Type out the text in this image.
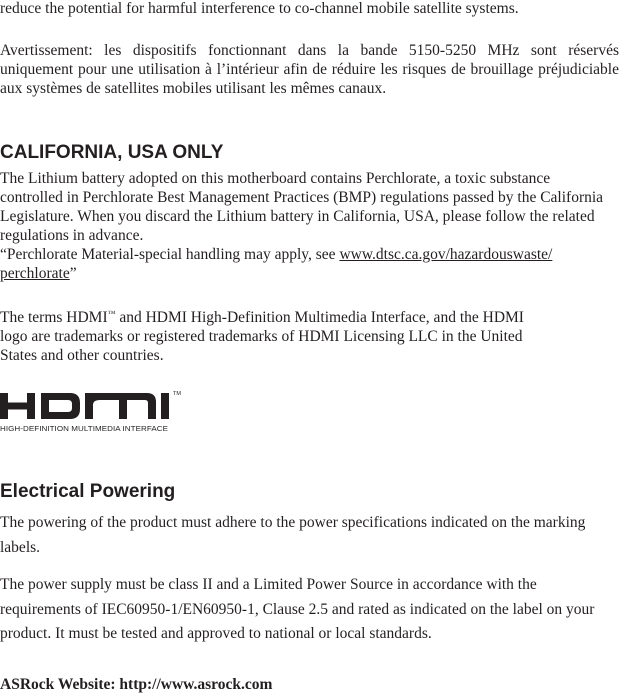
reduce the potential for harmful interference to co-channel mobile satellite systems.

Avertissement: les dispositifs fonctionnant dans la bande 5150-5250 MHz sont réservés uniquement pour une utilisation à l’intérieur afin de réduire les risques de brouillage préjudiciable aux systèmes de satellites mobiles utilisant les mêmes canaux.

CALIFORNIA, USA ONLY

The Lithium battery adopted on this motherboard contains Perchlorate, a toxic substance controlled in Perchlorate Best Management Practices (BMP) regulations passed by the California Legislature. When you discard the Lithium battery in California, USA, please follow the related regulations in advance.

“Perchlorate Material-special handling may apply, see www.dtsc.ca.gov/hazardouswaste/
perchlorate”

The terms HDMI™ and HDMI High-Definition Multimedia Interface, and the HDMI

logo are trademarks or registered trademarks of HDMI Licensing LLC in the United

States and other countries.

TM
HIGH-DEFINITION MULTIMEDIA INTERFACE
Electrical Powering

The powering of the product must adhere to the power specifications indicated on the marking labels.

The power supply must be class II and a Limited Power Source in accordance with the requirements of IEC60950-1/EN60950-1, Clause 2.5 and rated as indicated on the label on your product. It must be tested and approved to national or local standards.

ASRock Website: http://www.asrock.com
